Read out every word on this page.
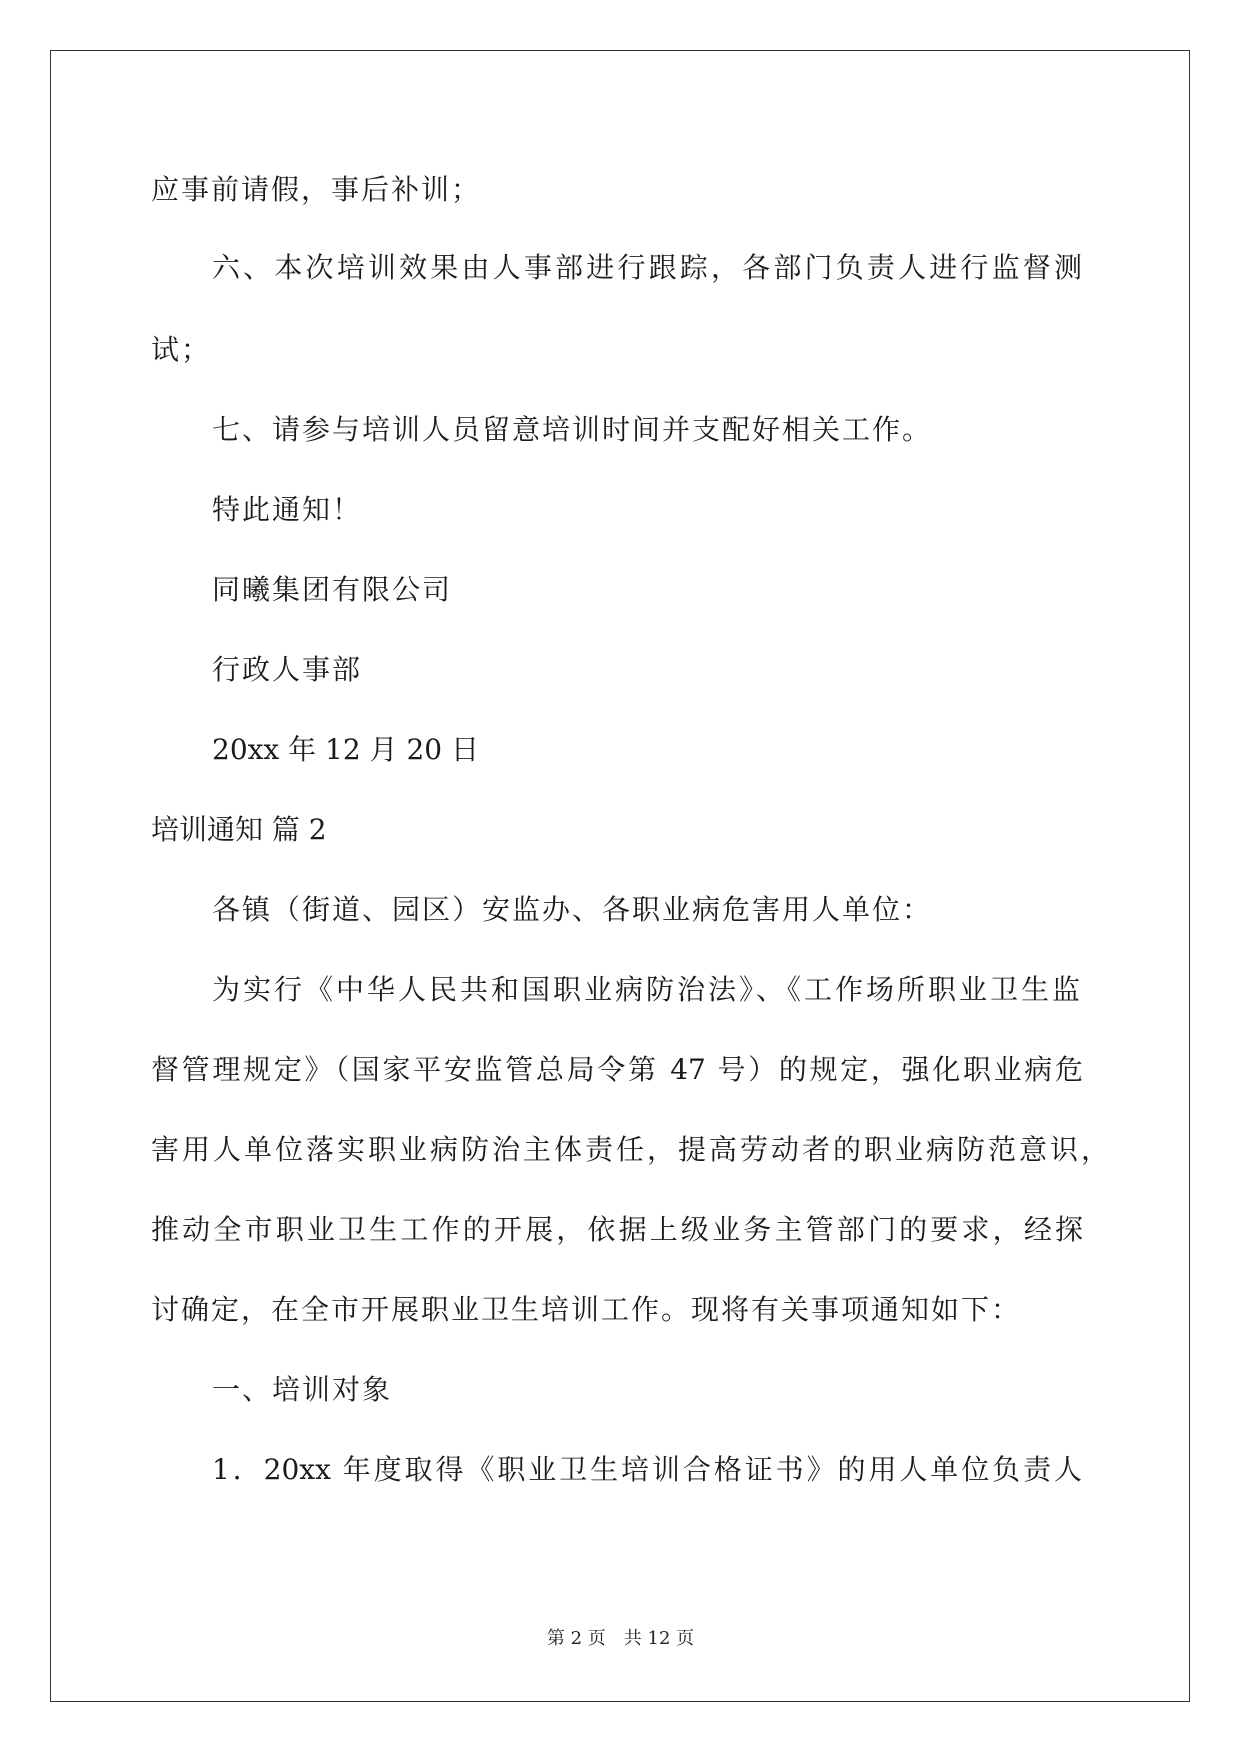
应事前请假，事后补训；
六、本次培训效果由人事部进行跟踪，各部门负责人进行监督测
试；
七、请参与培训人员留意培训时间并支配好相关工作。
特此通知！
同曦集团有限公司
行政人事部
20xx 年 12 月 20 日
培训通知 篇 2
各镇（街道、园区）安监办、各职业病危害用人单位：
为实行《中华人民共和国职业病防治法》、《工作场所职业卫生监
督管理规定》（国家平安监管总局令第 47 号）的规定，强化职业病危
害用人单位落实职业病防治主体责任，提高劳动者的职业病防范意识，
推动全市职业卫生工作的开展，依据上级业务主管部门的要求，经探
讨确定，在全市开展职业卫生培训工作。现将有关事项通知如下：
一、培训对象
1．20xx 年度取得《职业卫生培训合格证书》的用人单位负责人
第 2 页　共 12 页
